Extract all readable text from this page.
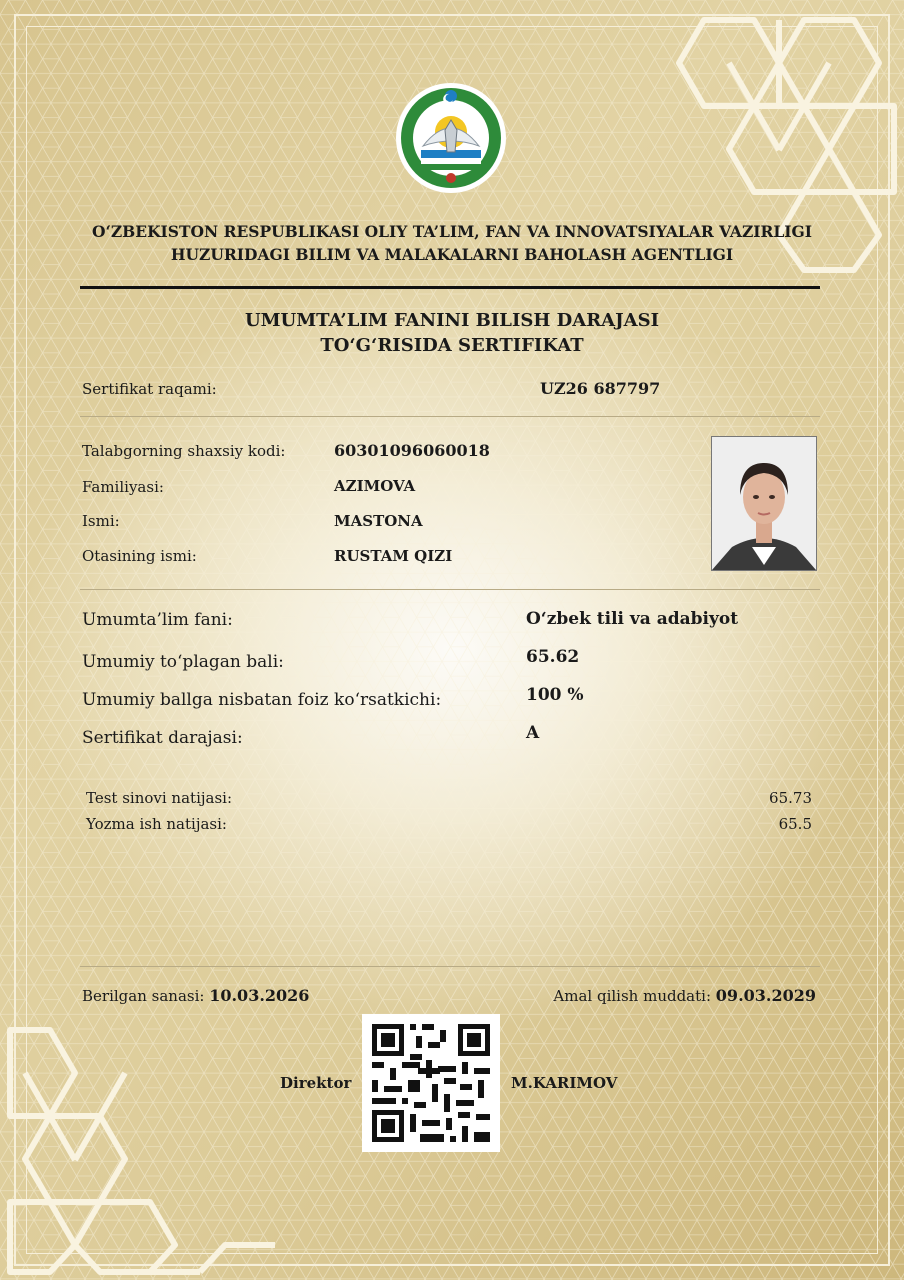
O‘ZBEKISTON RESPUBLIKASI OLIY TA’LIM, FAN VA INNOVATSIYALAR VAZIRLIGI
HUZURIDAGI BILIM VA MALAKALARNI BAHOLASH AGENTLIGI
UMUMTA’LIM FANINI BILISH DARAJASI
TO‘G‘RISIDA SERTIFIKAT
Sertifikat raqami:	UZ26 687797
Talabgorning shaxsiy kodi:	60301096060018
Familiyasi:	AZIMOVA
Ismi:	MASTONA
Otasining ismi:	RUSTAM QIZI
Umumta’lim fani:	O‘zbek tili va adabiyot
Umumiy to‘plagan bali:	65.62
Umumiy ballga nisbatan foiz ko‘rsatkichi:	100 %
Sertifikat darajasi:	A
Test sinovi natijasi:	65.73
Yozma ish natijasi:	65.5
Berilgan sanasi: 10.03.2026	Amal qilish muddati: 09.03.2029
Direktor	M.KARIMOV
